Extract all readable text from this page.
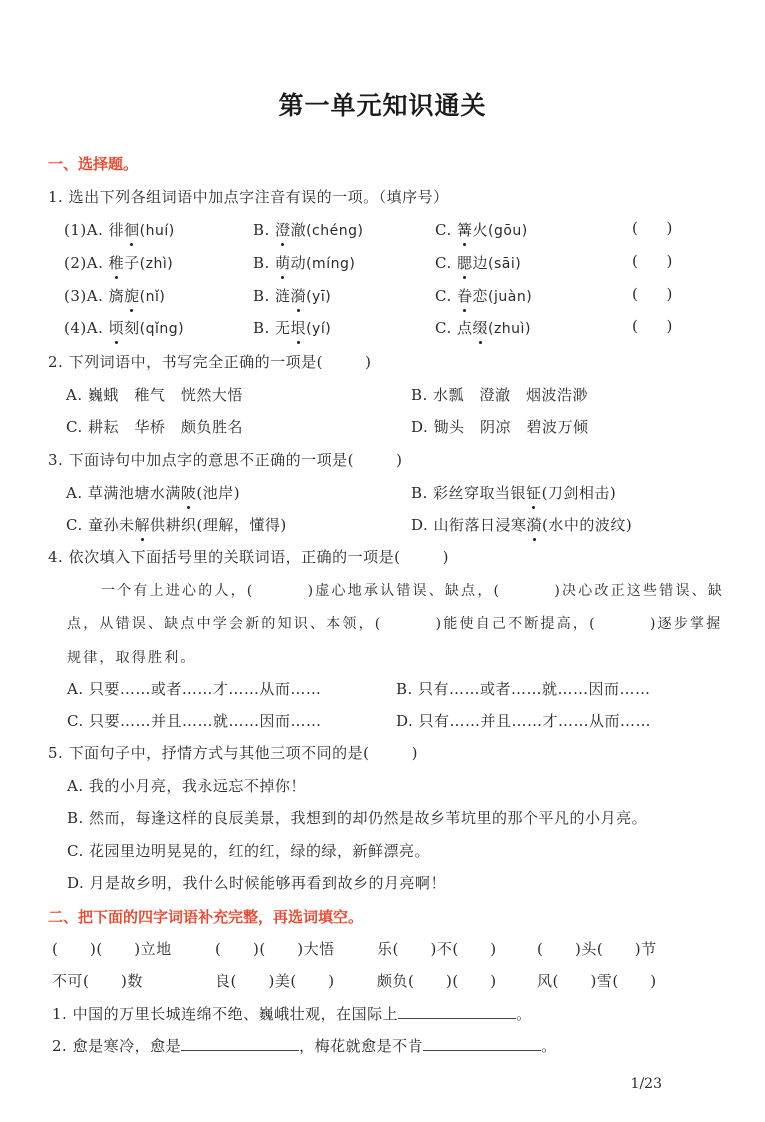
第一单元知识通关
一、选择题。
1. 选出下列各组词语中加点字注音有误的一项。（填序号）
(1)A. 徘徊(huí)	B. 澄澈(chéng)	C. 篝火(gōu)	(      )
(2)A. 稚子(zhì)	B. 萌动(míng)	C. 腮边(sāi)	(      )
(3)A. 旖旎(nǐ)	B. 涟漪(yī)	C. 眷恋(juàn)	(      )
(4)A. 顷刻(qǐng)	B. 无垠(yí)	C. 点缀(zhuì)	(      )
2. 下列词语中，书写完全正确的一项是(        )
A. 巍蛾　稚气　恍然大悟	B. 水瓢　澄澈　烟波浩渺
C. 耕耘　华桥　颇负胜名	D. 锄头　阴凉　碧波万倾
3. 下面诗句中加点字的意思不正确的一项是(        )
A. 草满池塘水满陂(池岸)	B. 彩丝穿取当银钲(刀剑相击)
C. 童孙未解供耕织(理解，懂得)	D. 山衔落日浸寒漪(水中的波纹)
4. 依次填入下面括号里的关联词语，正确的一项是(        )
一个有上进心的人，(        )虚心地承认错误、缺点，(        )决心改正这些错误、缺
点，从错误、缺点中学会新的知识、本领，(        )能使自己不断提高，(        )逐步掌握
规律，取得胜利。
A. 只要……或者……才……从而……	B. 只有……或者……就……因而……
C. 只要……并且……就……因而……	D. 只有……并且……才……从而……
5. 下面句子中，抒情方式与其他三项不同的是(        )
A. 我的小月亮，我永远忘不掉你！
B. 然而，每逢这样的良辰美景，我想到的却仍然是故乡苇坑里的那个平凡的小月亮。
C. 花园里边明晃晃的，红的红，绿的绿，新鲜漂亮。
D. 月是故乡明，我什么时候能够再看到故乡的月亮啊！
二、把下面的四字词语补充完整，再选词填空。
(      )(      )立地	(      )(      )大悟	乐(      )不(      )	(      )头(      )节
不可(      )数	良(      )美(      )	颇负(      )(      )	风(      )雪(      )
1. 中国的万里长城连绵不绝、巍峨壮观，在国际上	。
2. 愈是寒冷，愈是	，梅花就愈是不肯	。
1/23
